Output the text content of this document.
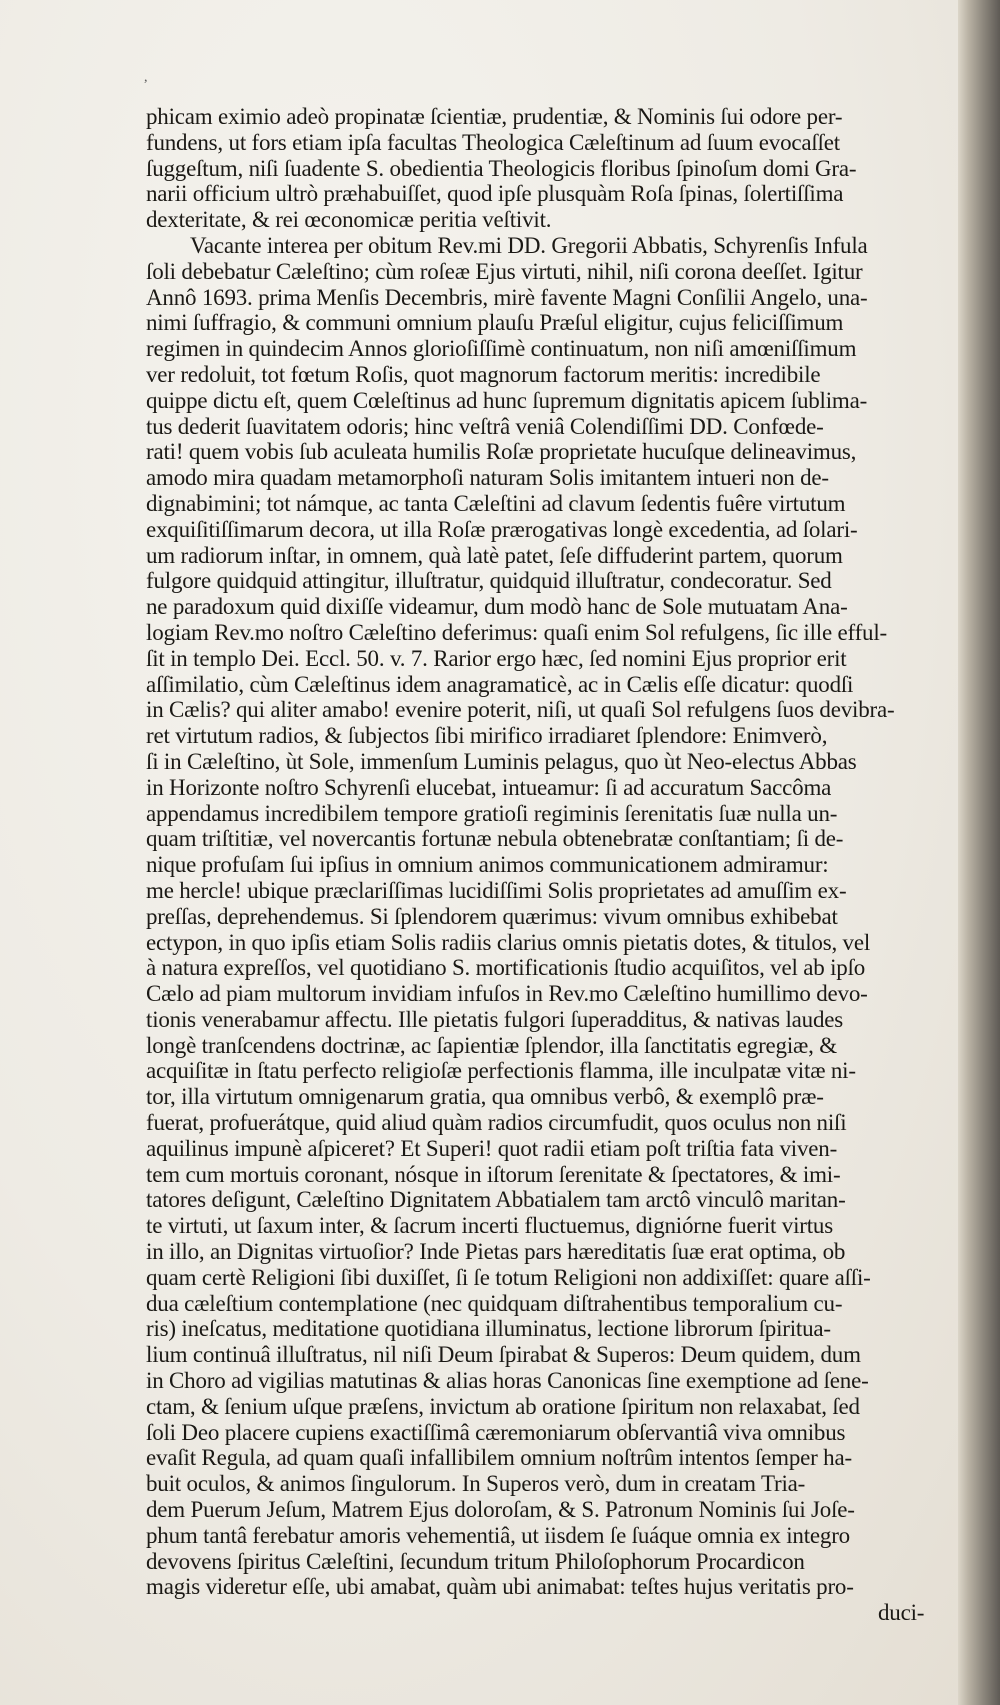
,
phicam eximio adeò propinatæ ſcientiæ, prudentiæ, & Nominis ſui odore per-
fundens, ut fors etiam ipſa facultas Theologica Cæleſtinum ad ſuum evocaſſet
ſuggeſtum, niſi ſuadente S. obedientia Theologicis floribus ſpinoſum domi Gra-
narii officium ultrò præhabuiſſet, quod ipſe plusquàm Roſa ſpinas, ſolertiſſima
dexteritate, & rei œconomicæ peritia veſtivit.
Vacante interea per obitum Rev.mi DD. Gregorii Abbatis, Schyrenſis Infula
ſoli debebatur Cæleſtino; cùm roſeæ Ejus virtuti, nihil, niſi corona deeſſet. Igitur
Annô 1693. prima Menſis Decembris, mirè favente Magni Conſilii Angelo, una-
nimi ſuffragio, & communi omnium plauſu Præſul eligitur, cujus feliciſſimum
regimen in quindecim Annos glorioſiſſimè continuatum, non niſi amœniſſimum
ver redoluit, tot fœtum Roſis, quot magnorum factorum meritis: incredibile
quippe dictu eſt, quem Cœleſtinus ad hunc ſupremum dignitatis apicem ſublima-
tus dederit ſuavitatem odoris; hinc veſtrâ veniâ Colendiſſimi DD. Confœde-
rati! quem vobis ſub aculeata humilis Roſæ proprietate hucuſque delineavimus,
amodo mira quadam metamorphoſi naturam Solis imitantem intueri non de-
dignabimini; tot námque, ac tanta Cæleſtini ad clavum ſedentis fuêre virtutum
exquiſitiſſimarum decora, ut illa Roſæ prærogativas longè excedentia, ad ſolari-
um radiorum inſtar, in omnem, quà latè patet, ſeſe diffuderint partem, quorum
fulgore quidquid attingitur, illuſtratur, quidquid illuſtratur, condecoratur. Sed
ne paradoxum quid dixiſſe videamur, dum modò hanc de Sole mutuatam Ana-
logiam Rev.mo noſtro Cæleſtino deferimus: quaſi enim Sol refulgens, ſic ille efful-
ſit in templo Dei. Eccl. 50. v. 7. Rarior ergo hæc, ſed nomini Ejus proprior erit
aſſimilatio, cùm Cæleſtinus idem anagramaticè, ac in Cælis eſſe dicatur: quodſi
in Cælis? qui aliter amabo! evenire poterit, niſi, ut quaſi Sol refulgens ſuos devibra-
ret virtutum radios, & ſubjectos ſibi mirifico irradiaret ſplendore: Enimverò,
ſi in Cæleſtino, ùt Sole, immenſum Luminis pelagus, quo ùt Neo-electus Abbas
in Horizonte noſtro Schyrenſi elucebat, intueamur: ſi ad accuratum Saccôma
appendamus incredibilem tempore gratioſi regiminis ſerenitatis ſuæ nulla un-
quam triſtitiæ, vel novercantis fortunæ nebula obtenebratæ conſtantiam; ſi de-
nique profuſam ſui ipſius in omnium animos communicationem admiramur:
me hercle! ubique præclariſſimas lucidiſſimi Solis proprietates ad amuſſim ex-
preſſas, deprehendemus. Si ſplendorem quærimus: vivum omnibus exhibebat
ectypon, in quo ipſis etiam Solis radiis clarius omnis pietatis dotes, & titulos, vel
à natura expreſſos, vel quotidiano S. mortificationis ſtudio acquiſitos, vel ab ipſo
Cælo ad piam multorum invidiam infuſos in Rev.mo Cæleſtino humillimo devo-
tionis venerabamur affectu. Ille pietatis fulgori ſuperadditus, & nativas laudes
longè tranſcendens doctrinæ, ac ſapientiæ ſplendor, illa ſanctitatis egregiæ, &
acquiſitæ in ſtatu perfecto religioſæ perfectionis flamma, ille inculpatæ vitæ ni-
tor, illa virtutum omnigenarum gratia, qua omnibus verbô, & exemplô præ-
fuerat, profuerátque, quid aliud quàm radios circumfudit, quos oculus non niſi
aquilinus impunè aſpiceret? Et Superi! quot radii etiam poſt triſtia fata viven-
tem cum mortuis coronant, nósque in iſtorum ſerenitate & ſpectatores, & imi-
tatores deſigunt, Cæleſtino Dignitatem Abbatialem tam arctô vinculô maritan-
te virtuti, ut ſaxum inter, & ſacrum incerti fluctuemus, digniórne fuerit virtus
in illo, an Dignitas virtuoſior? Inde Pietas pars hæreditatis ſuæ erat optima, ob
quam certè Religioni ſibi duxiſſet, ſi ſe totum Religioni non addixiſſet: quare aſſi-
dua cæleſtium contemplatione (nec quidquam diſtrahentibus temporalium cu-
ris) ineſcatus, meditatione quotidiana illuminatus, lectione librorum ſpiritua-
lium continuâ illuſtratus, nil niſi Deum ſpirabat & Superos: Deum quidem, dum
in Choro ad vigilias matutinas & alias horas Canonicas ſine exemptione ad ſene-
ctam, & ſenium uſque præſens, invictum ab oratione ſpiritum non relaxabat, ſed
ſoli Deo placere cupiens exactiſſimâ cæremoniarum obſervantiâ viva omnibus
evaſit Regula, ad quam quaſi infallibilem omnium noſtrûm intentos ſemper ha-
buit oculos, & animos ſingulorum. In Superos verò, dum in creatam Tria-
dem Puerum Jeſum, Matrem Ejus doloroſam, & S. Patronum Nominis ſui Joſe-
phum tantâ ferebatur amoris vehementiâ, ut iisdem ſe ſuáque omnia ex integro
devovens ſpiritus Cæleſtini, ſecundum tritum Philoſophorum Procardicon
magis videretur eſſe, ubi amabat, quàm ubi animabat: teſtes hujus veritatis pro-
duci-
